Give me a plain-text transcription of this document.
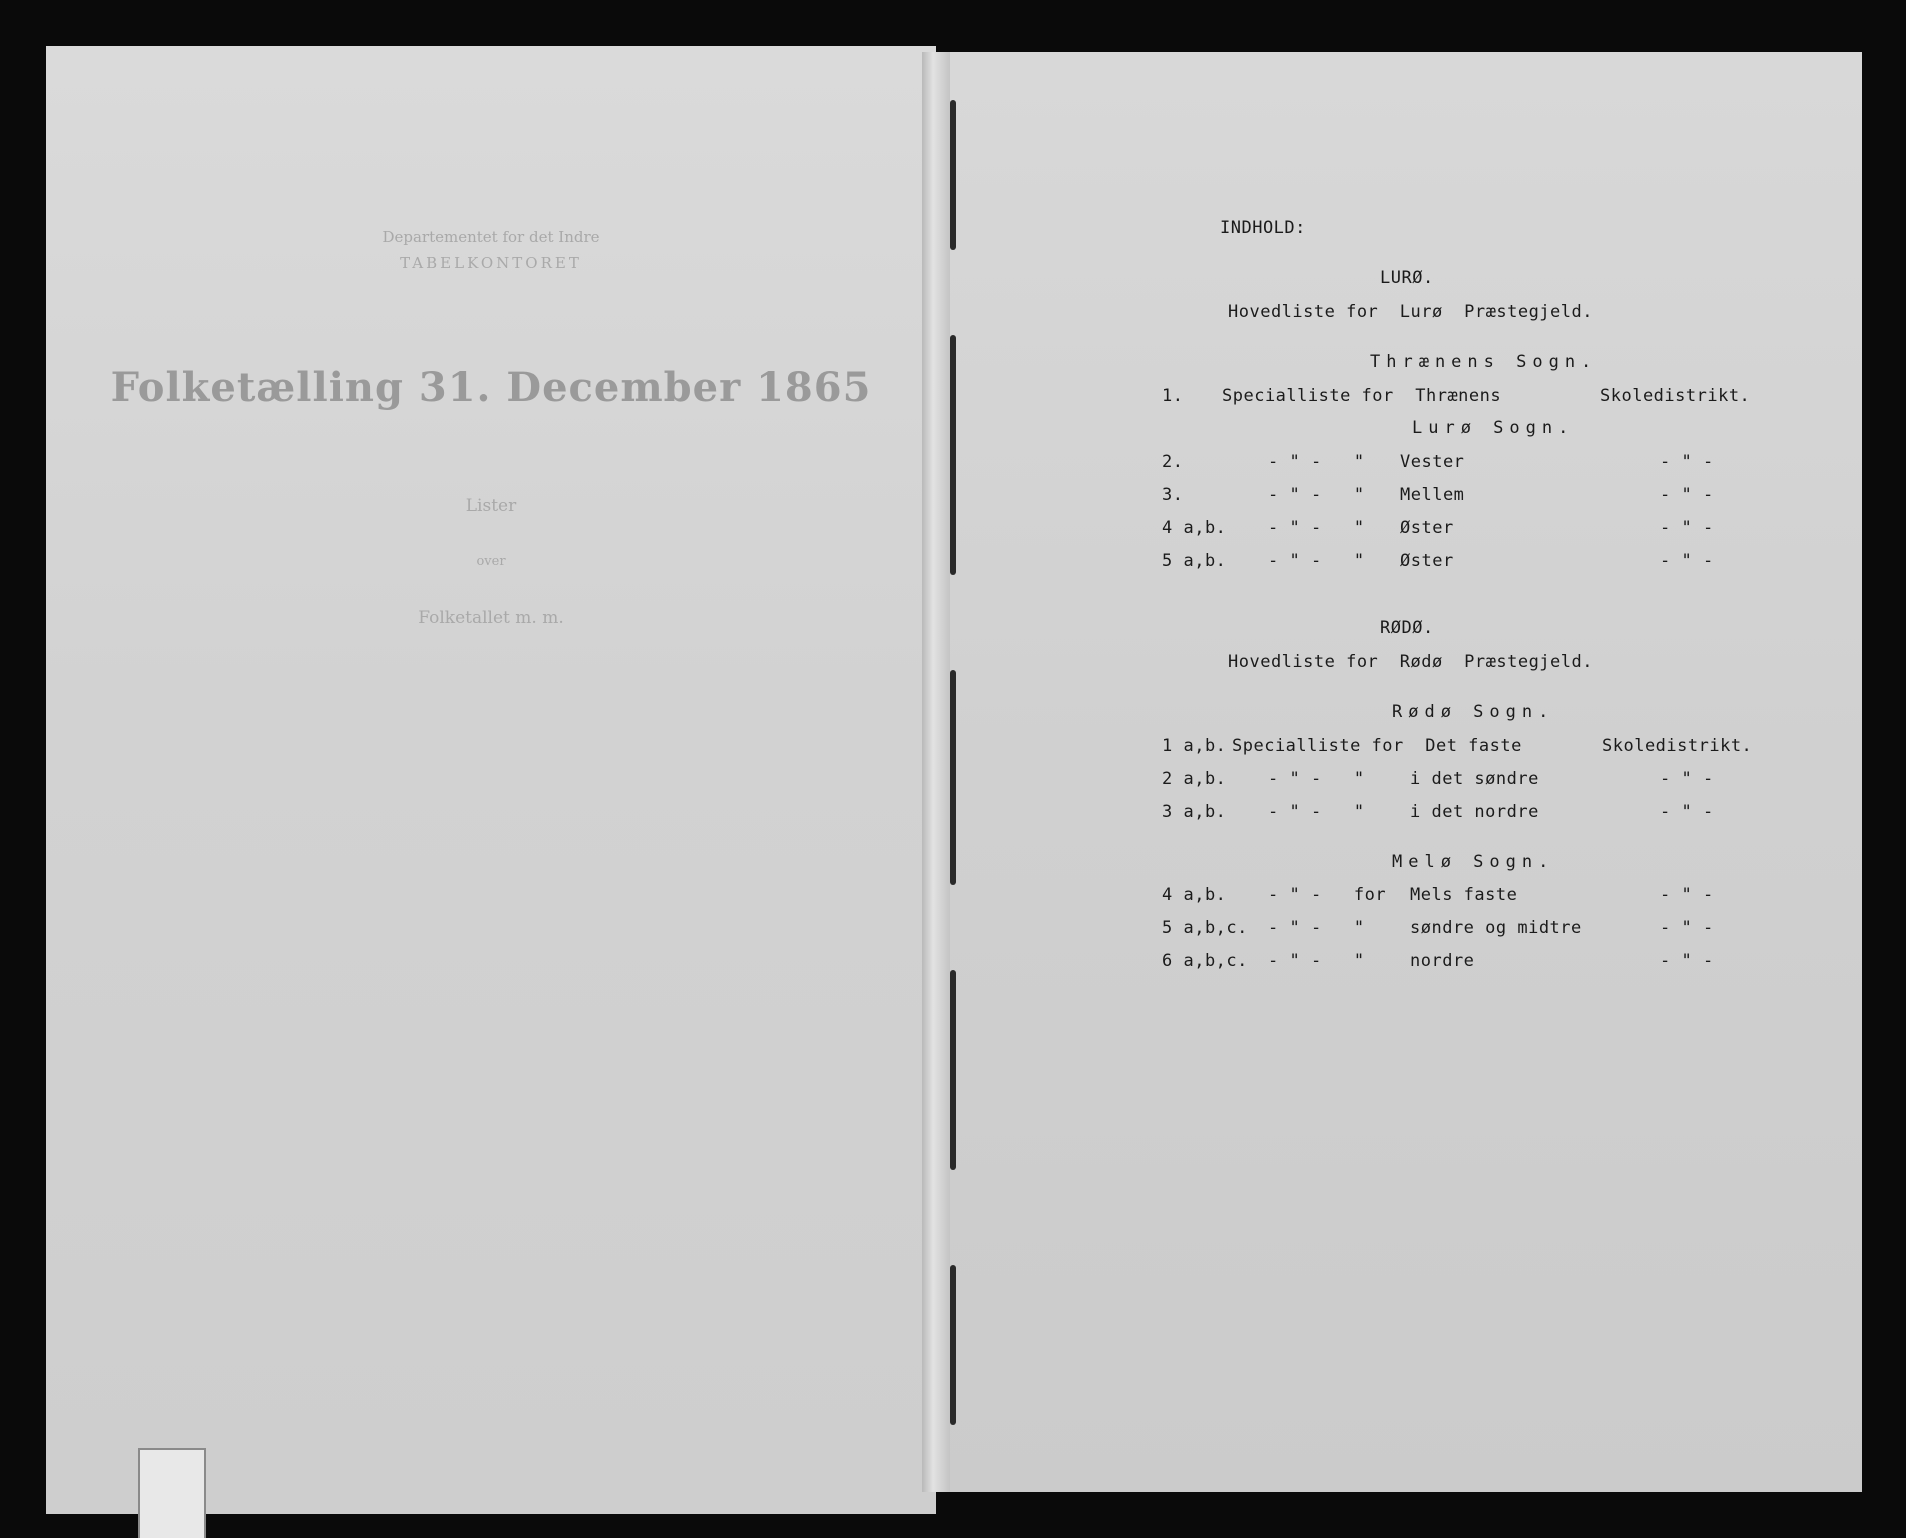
Departementet for det Indre
TABELKONTORET
Folketælling 31. December 1865
Lister
over
Folketallet m. m.
INDHOLD:
LURØ.
Hovedliste for  Lurø  Præstegjeld.
Thrænens Sogn.
1. Specialliste for  Thrænens	Skoledistrikt.
Lurø Sogn.
2.	- " -   " Vester	- " -
3.	- " -   " Mellem	- " -
4 a,b. - " -   " Øster	- " -
5 a,b. - " -   " Øster	- " -
RØDØ.
Hovedliste for  Rødø  Præstegjeld.
Rødø Sogn.
1 a,b. Specialliste for  Det faste	Skoledistrikt.
2 a,b. - " -   "	i det søndre	- " -
3 a,b. - " -   "	i det nordre	- " -
Melø Sogn.
4 a,b. - " -   for Mels faste	- " -
5 a,b,c. - " -   "	søndre og midtre	- " -
6 a,b,c. - " -   "	nordre	- " -
